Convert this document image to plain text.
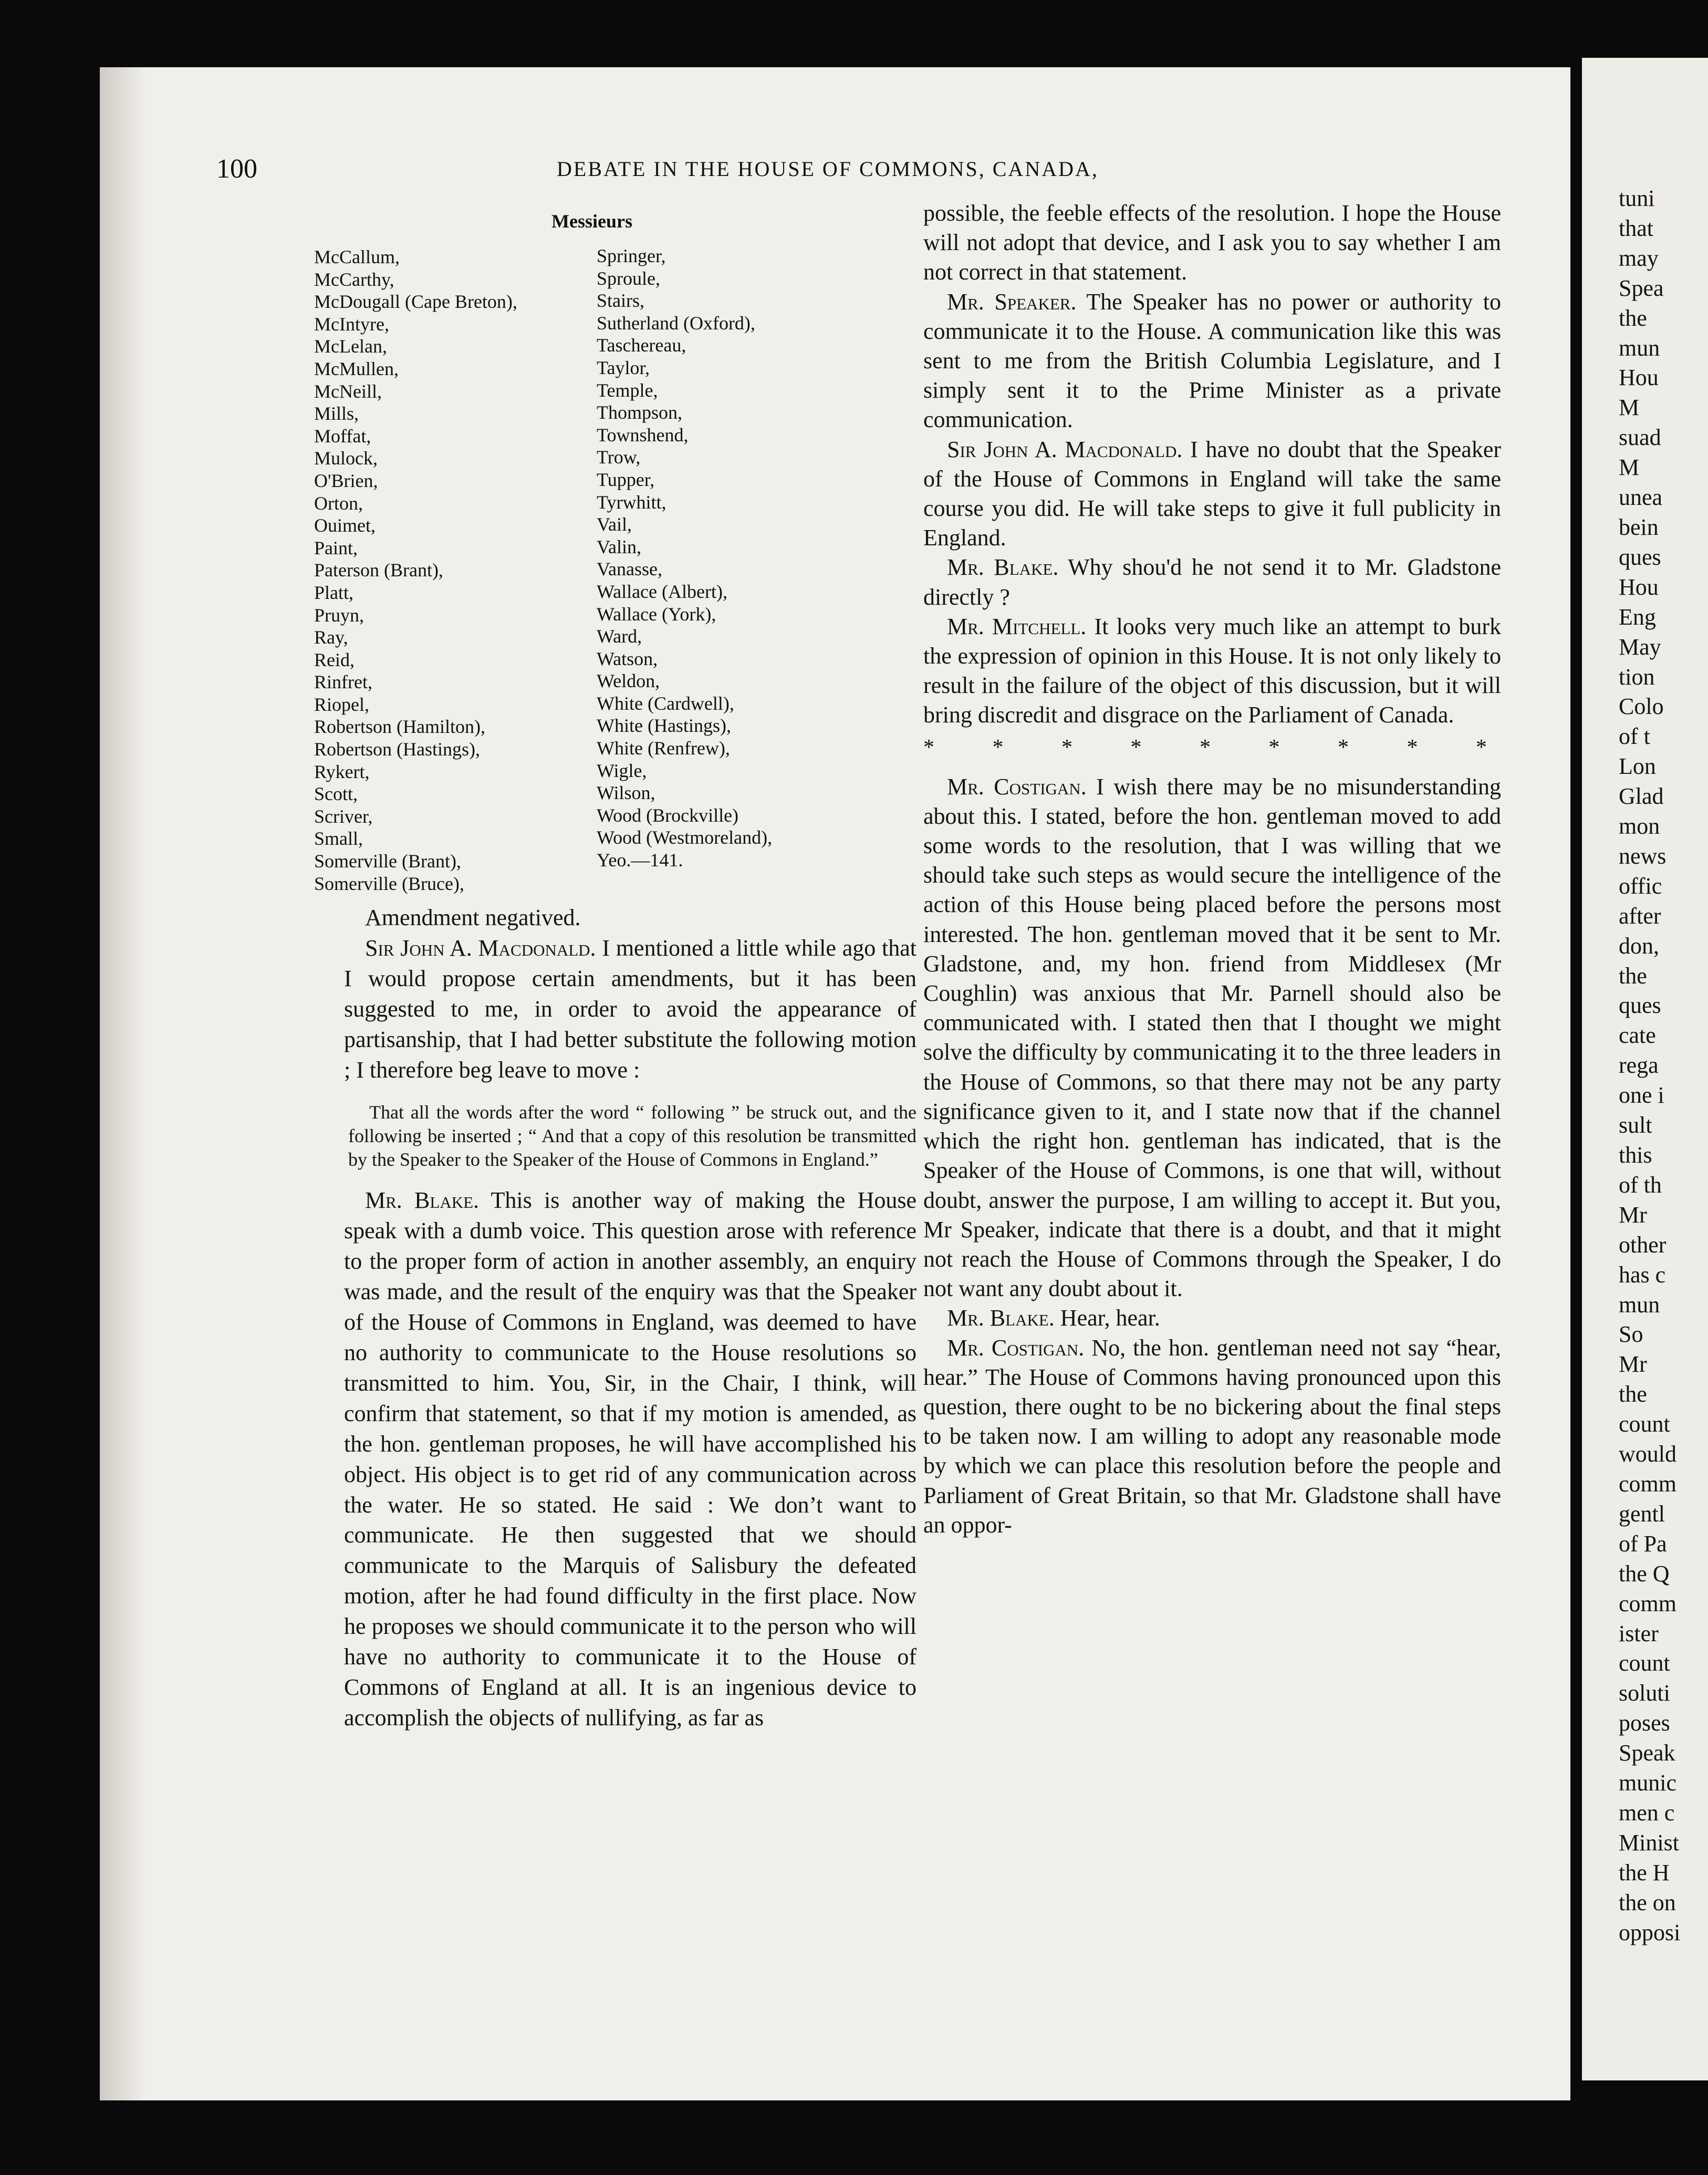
100	DEBATE IN THE HOUSE OF COMMONS, CANADA,
Messieurs
McCallum,
McCarthy,
McDougall (Cape Breton),
McIntyre,
McLelan,
McMullen,
McNeill,
Mills,
Moffat,
Mulock,
O'Brien,
Orton,
Ouimet,
Paint,
Paterson (Brant),
Platt,
Pruyn,
Ray,
Reid,
Rinfret,
Riopel,
Robertson (Hamilton),
Robertson (Hastings),
Rykert,
Scott,
Scriver,
Small,
Somerville (Brant),
Somerville (Bruce),
Springer,
Sproule,
Stairs,
Sutherland (Oxford),
Taschereau,
Taylor,
Temple,
Thompson,
Townshend,
Trow,
Tupper,
Tyrwhitt,
Vail,
Valin,
Vanasse,
Wallace (Albert),
Wallace (York),
Ward,
Watson,
Weldon,
White (Cardwell),
White (Hastings),
White (Renfrew),
Wigle,
Wilson,
Wood (Brockville)
Wood (Westmoreland),
Yeo.—141.

Amendment negatived.

Sir John A. Macdonald. I mentioned a little while ago that I would propose certain amendments, but it has been suggested to me, in order to avoid the appearance of partisanship, that I had better substitute the following motion ; I therefore beg leave to move :

That all the words after the word “ following ” be struck out, and the following be inserted ; “ And that a copy of this resolution be transmitted by the Speaker to the Speaker of the House of Commons in England.”

Mr. Blake. This is another way of making the House speak with a dumb voice. This question arose with reference to the proper form of action in another assembly, an enquiry was made, and the result of the enquiry was that the Speaker of the House of Commons in England, was deemed to have no authority to communicate to the House resolutions so transmitted to him. You, Sir, in the Chair, I think, will confirm that statement, so that if my motion is amended, as the hon. gentleman proposes, he will have accomplished his object. His object is to get rid of any communication across the water. He so stated. He said : We don’t want to communicate. He then suggested that we should communicate to the Marquis of Salisbury the defeated motion, after he had found difficulty in the first place. Now he proposes we should communicate it to the person who will have no authority to communicate it to the House of Commons of England at all. It is an ingenious device to accomplish the objects of nullifying, as far as

possible, the feeble effects of the resolution. I hope the House will not adopt that device, and I ask you to say whether I am not correct in that statement.

Mr. Speaker. The Speaker has no power or authority to communicate it to the House. A communication like this was sent to me from the British Columbia Legislature, and I simply sent it to the Prime Minister as a private communication.

Sir John A. Macdonald. I have no doubt that the Speaker of the House of Commons in England will take the same course you did. He will take steps to give it full publicity in England.

Mr. Blake. Why shou'd he not send it to Mr. Gladstone directly ?

Mr. Mitchell. It looks very much like an attempt to burk the expression of opinion in this House. It is not only likely to result in the failure of the object of this discussion, but it will bring discredit and disgrace on the Parliament of Canada.

* * * * * * * * *

Mr. Costigan. I wish there may be no misunderstanding about this. I stated, before the hon. gentleman moved to add some words to the resolution, that I was willing that we should take such steps as would secure the intelligence of the action of this House being placed before the persons most interested. The hon. gentleman moved that it be sent to Mr. Gladstone, and, my hon. friend from Middlesex (Mr Coughlin) was anxious that Mr. Parnell should also be communicated with. I stated then that I thought we might solve the difficulty by communicating it to the three leaders in the House of Commons, so that there may not be any party significance given to it, and I state now that if the channel which the right hon. gentleman has indicated, that is the Speaker of the House of Commons, is one that will, without doubt, answer the purpose, I am willing to accept it. But you, Mr Speaker, indicate that there is a doubt, and that it might not reach the House of Commons through the Speaker, I do not want any doubt about it.

Mr. Blake. Hear, hear.

Mr. Costigan. No, the hon. gentleman need not say “hear, hear.” The House of Commons having pronounced upon this question, there ought to be no bickering about the final steps to be taken now. I am willing to adopt any reasonable mode by which we can place this resolution before the people and Parliament of Great Britain, so that Mr. Gladstone shall have an oppor-

tuni
that
may
Spea
the
mun
Hou
M
suad
M
unea
bein
ques
Hou
Eng
May
tion
Colo
of t
Lon
Glad
mon
news
offic
after
don,
the
ques
cate
rega
one i
sult
this
of th
Mr
other
has c
mun
So
Mr
the
count
would
comm
gentl
of Pa
the Q
comm
ister
count
soluti
poses
Speak
munic
men c
Minist
the H
the on
opposi
